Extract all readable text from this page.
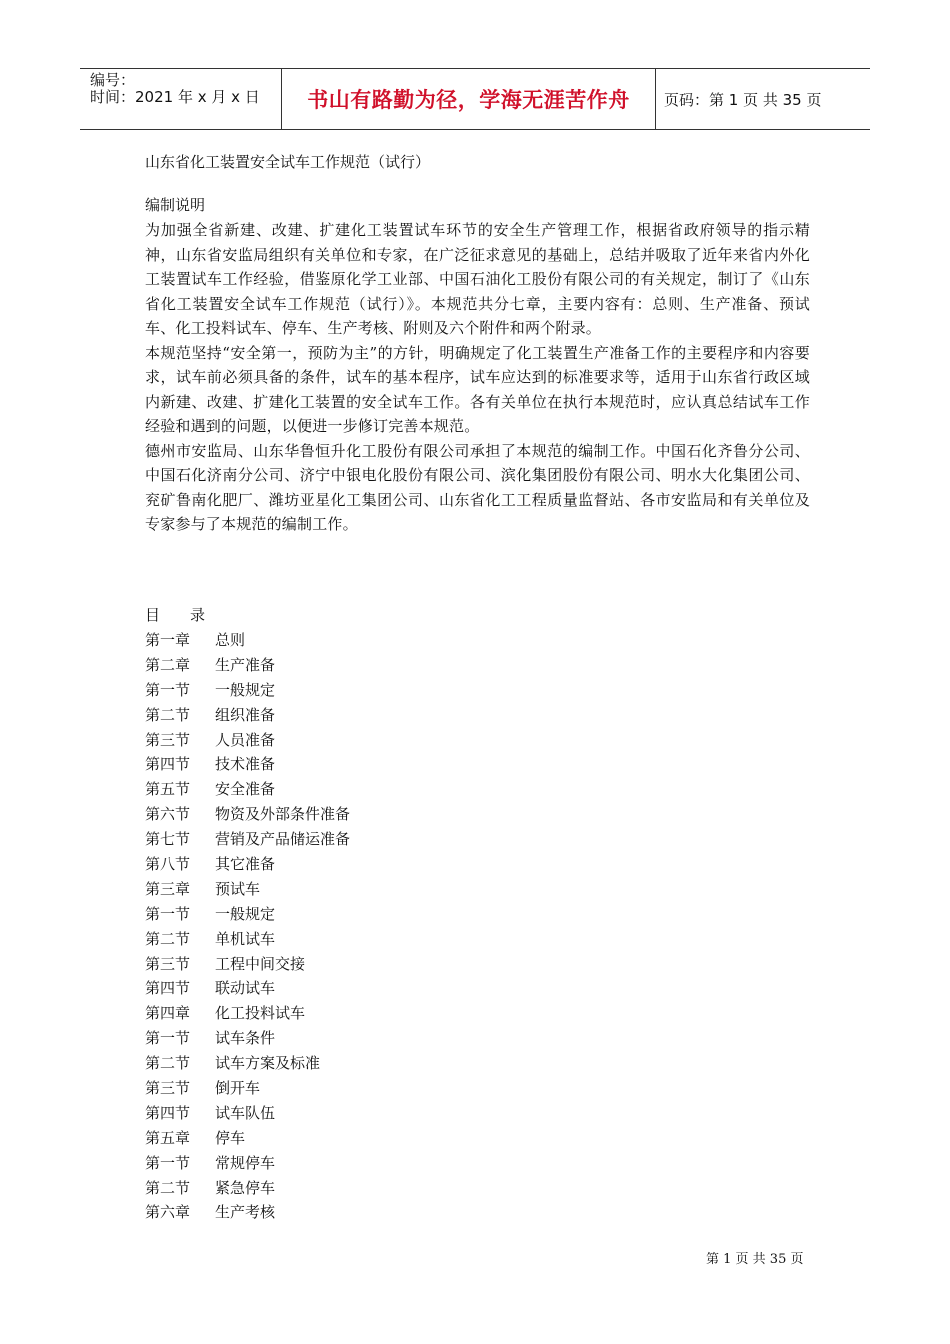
编号：
时间：2021 年 x 月 x 日	书山有路勤为径，学海无涯苦作舟 页码：第 1 页 共 35 页

山东省化工装置安全试车工作规范（试行）

编制说明

为加强全省新建、改建、扩建化工装置试车环节的安全生产管理工作，根据省政府领导的指示精神，山东省安监局组织有关单位和专家，在广泛征求意见的基础上，总结并吸取了近年来省内外化工装置试车工作经验，借鉴原化学工业部、中国石油化工股份有限公司的有关规定，制订了《山东省化工装置安全试车工作规范（试行）》。本规范共分七章，主要内容有：总则、生产准备、预试车、化工投料试车、停车、生产考核、附则及六个附件和两个附录。

本规范坚持“安全第一，预防为主”的方针，明确规定了化工装置生产准备工作的主要程序和内容要求，试车前必须具备的条件，试车的基本程序，试车应达到的标准要求等，适用于山东省行政区域内新建、改建、扩建化工装置的安全试车工作。各有关单位在执行本规范时，应认真总结试车工作经验和遇到的问题，以便进一步修订完善本规范。

德州市安监局、山东华鲁恒升化工股份有限公司承担了本规范的编制工作。中国石化齐鲁分公司、中国石化济南分公司、济宁中银电化股份有限公司、滨化集团股份有限公司、明水大化集团公司、兖矿鲁南化肥厂、潍坊亚星化工集团公司、山东省化工工程质量监督站、各市安监局和有关单位及专家参与了本规范的编制工作。

目 录
第一章 总则
第二章 生产准备
第一节 一般规定
第二节 组织准备
第三节 人员准备
第四节 技术准备
第五节 安全准备
第六节 物资及外部条件准备
第七节 营销及产品储运准备
第八节 其它准备
第三章 预试车
第一节 一般规定
第二节 单机试车
第三节 工程中间交接
第四节 联动试车
第四章 化工投料试车
第一节 试车条件
第二节 试车方案及标准
第三节 倒开车
第四节 试车队伍
第五章 停车
第一节 常规停车
第二节 紧急停车
第六章 生产考核
第 1 页 共 35 页
